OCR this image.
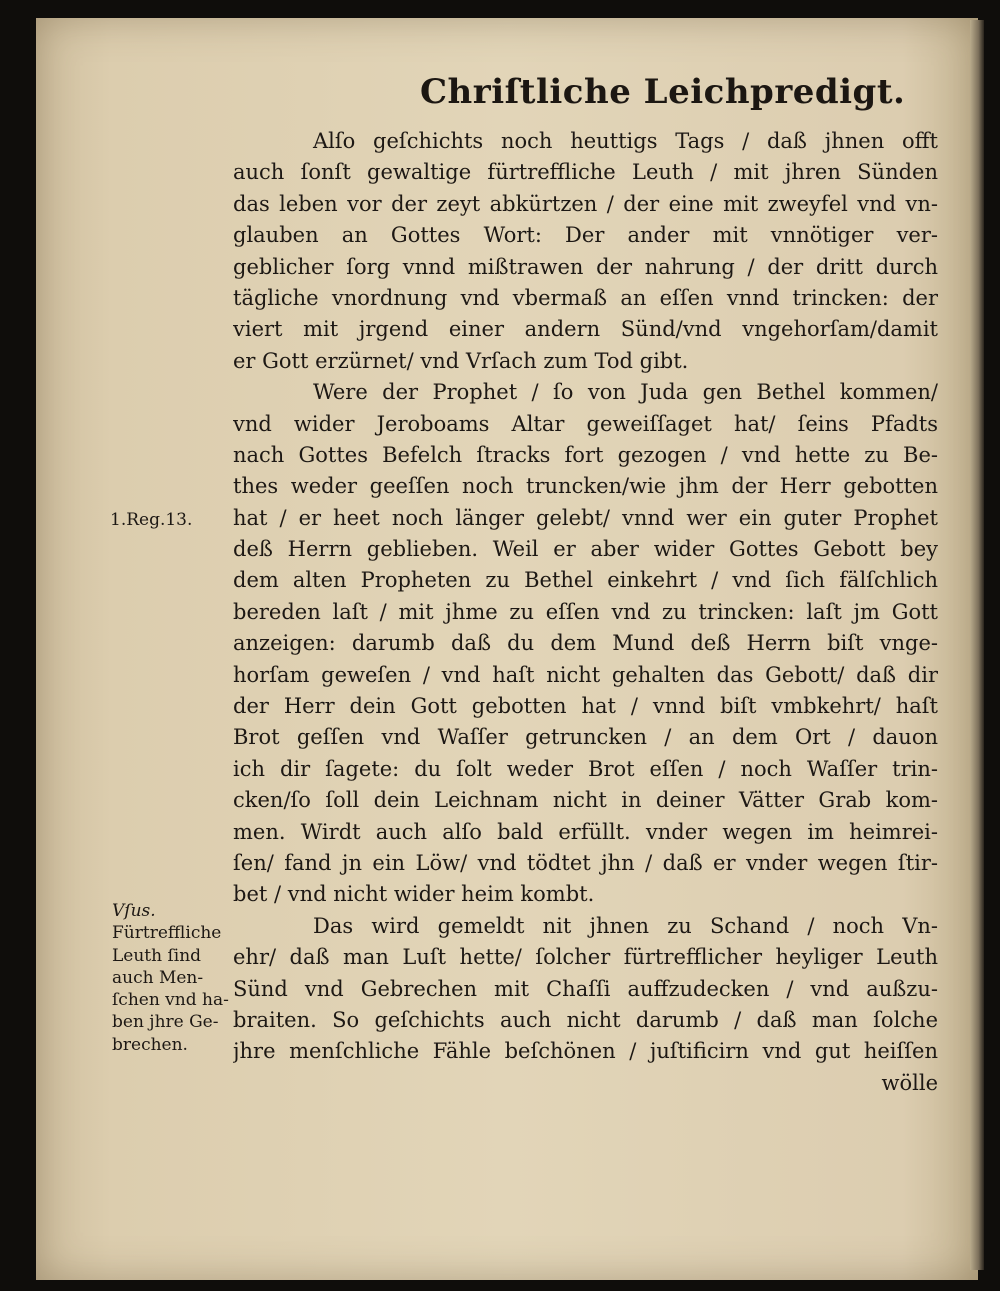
Chriſtliche Leichpredigt.
Alſo geſchichts noch heuttigs Tags / daß jhnen offt
auch ſonſt gewaltige fürtreffliche Leuth / mit jhren Sünden
das leben vor der zeyt abkürtzen / der eine mit zweyfel vnd vn-
glauben an Gottes Wort: Der ander mit vnnötiger ver-
geblicher ſorg vnnd mißtrawen der nahrung / der dritt durch
tägliche vnordnung vnd vbermaß an eſſen vnnd trincken: der
viert mit jrgend einer andern Sünd/vnd vngehorſam/damit
er Gott erzürnet/ vnd Vrſach zum Tod gibt.
Were der Prophet / ſo von Juda gen Bethel kommen/
vnd wider Jeroboams Altar geweiſſaget hat/ ſeins Pfadts
nach Gottes Befelch ſtracks fort gezogen / vnd hette zu Be-
thes weder geeſſen noch truncken/wie jhm der Herr gebotten
hat / er heet noch länger gelebt/ vnnd wer ein guter Prophet
deß Herrn geblieben. Weil er aber wider Gottes Gebott bey
dem alten Propheten zu Bethel einkehrt / vnd ſich fälſchlich
bereden laſt / mit jhme zu eſſen vnd zu trincken: laſt jm Gott
anzeigen: darumb daß du dem Mund deß Herrn biſt vnge-
horſam geweſen / vnd haſt nicht gehalten das Gebott/ daß dir
der Herr dein Gott gebotten hat / vnnd biſt vmbkehrt/ haſt
Brot geſſen vnd Waſſer getruncken / an dem Ort / dauon
ich dir ſagete: du ſolt weder Brot eſſen / noch Waſſer trin-
cken/ſo ſoll dein Leichnam nicht in deiner Vätter Grab kom-
men. Wirdt auch alſo bald erfüllt. vnder wegen im heimrei-
ſen/ fand jn ein Löw/ vnd tödtet jhn / daß er vnder wegen ſtir-
bet / vnd nicht wider heim kombt.
Das wird gemeldt nit jhnen zu Schand / noch Vn-
ehr/ daß man Luſt hette/ ſolcher fürtrefflicher heyliger Leuth
Sünd vnd Gebrechen mit Chaſſi auffzudecken / vnd außzu-
braiten. So geſchichts auch nicht darumb / daß man ſolche
jhre menſchliche Fähle beſchönen / juſtificirn vnd gut heiſſen
wölle
1.Reg.13.
Vſus.
Fürtreffliche
Leuth ſind
auch Men-
ſchen vnd ha-
ben jhre Ge-
brechen.
